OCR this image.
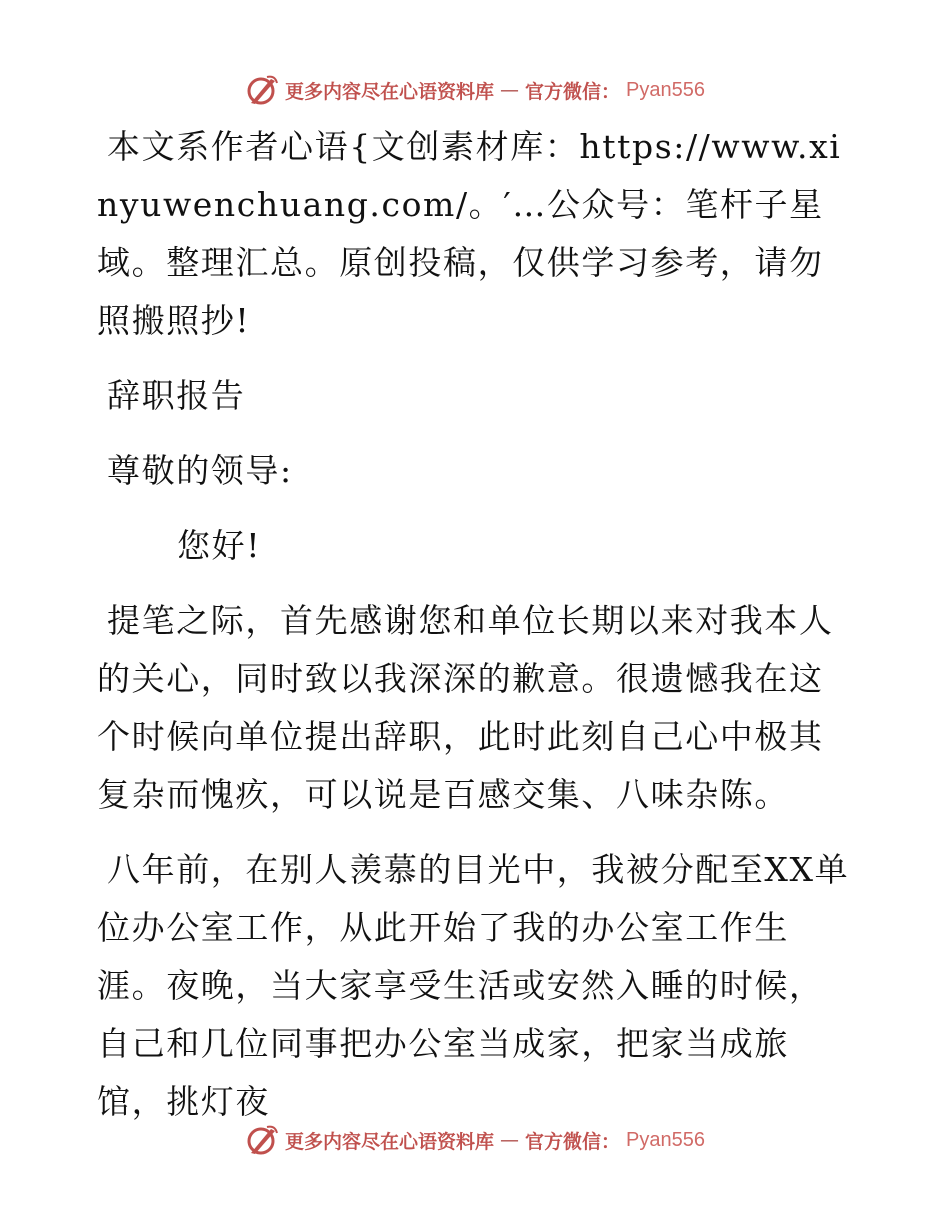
更多内容尽在心语资料库 — 官方微信： Pyan556

本文系作者心语{文创素材库：https://www.xinyuwenchuang.com/。′…公众号：笔杆子星域。整理汇总。原创投稿，仅供学习参考，请勿照搬照抄!

辞职报告

尊敬的领导:

您好!

提笔之际，首先感谢您和单位长期以来对我本人的关心，同时致以我深深的歉意。很遗憾我在这个时候向单位提出辞职，此时此刻自己心中极其复杂而愧疚，可以说是百感交集、八味杂陈。

八年前，在别人羡慕的目光中，我被分配至XX单位办公室工作，从此开始了我的办公室工作生涯。夜晚，当大家享受生活或安然入睡的时候，自己和几位同事把办公室当成家，把家当成旅馆，挑灯夜

更多内容尽在心语资料库 — 官方微信： Pyan556
